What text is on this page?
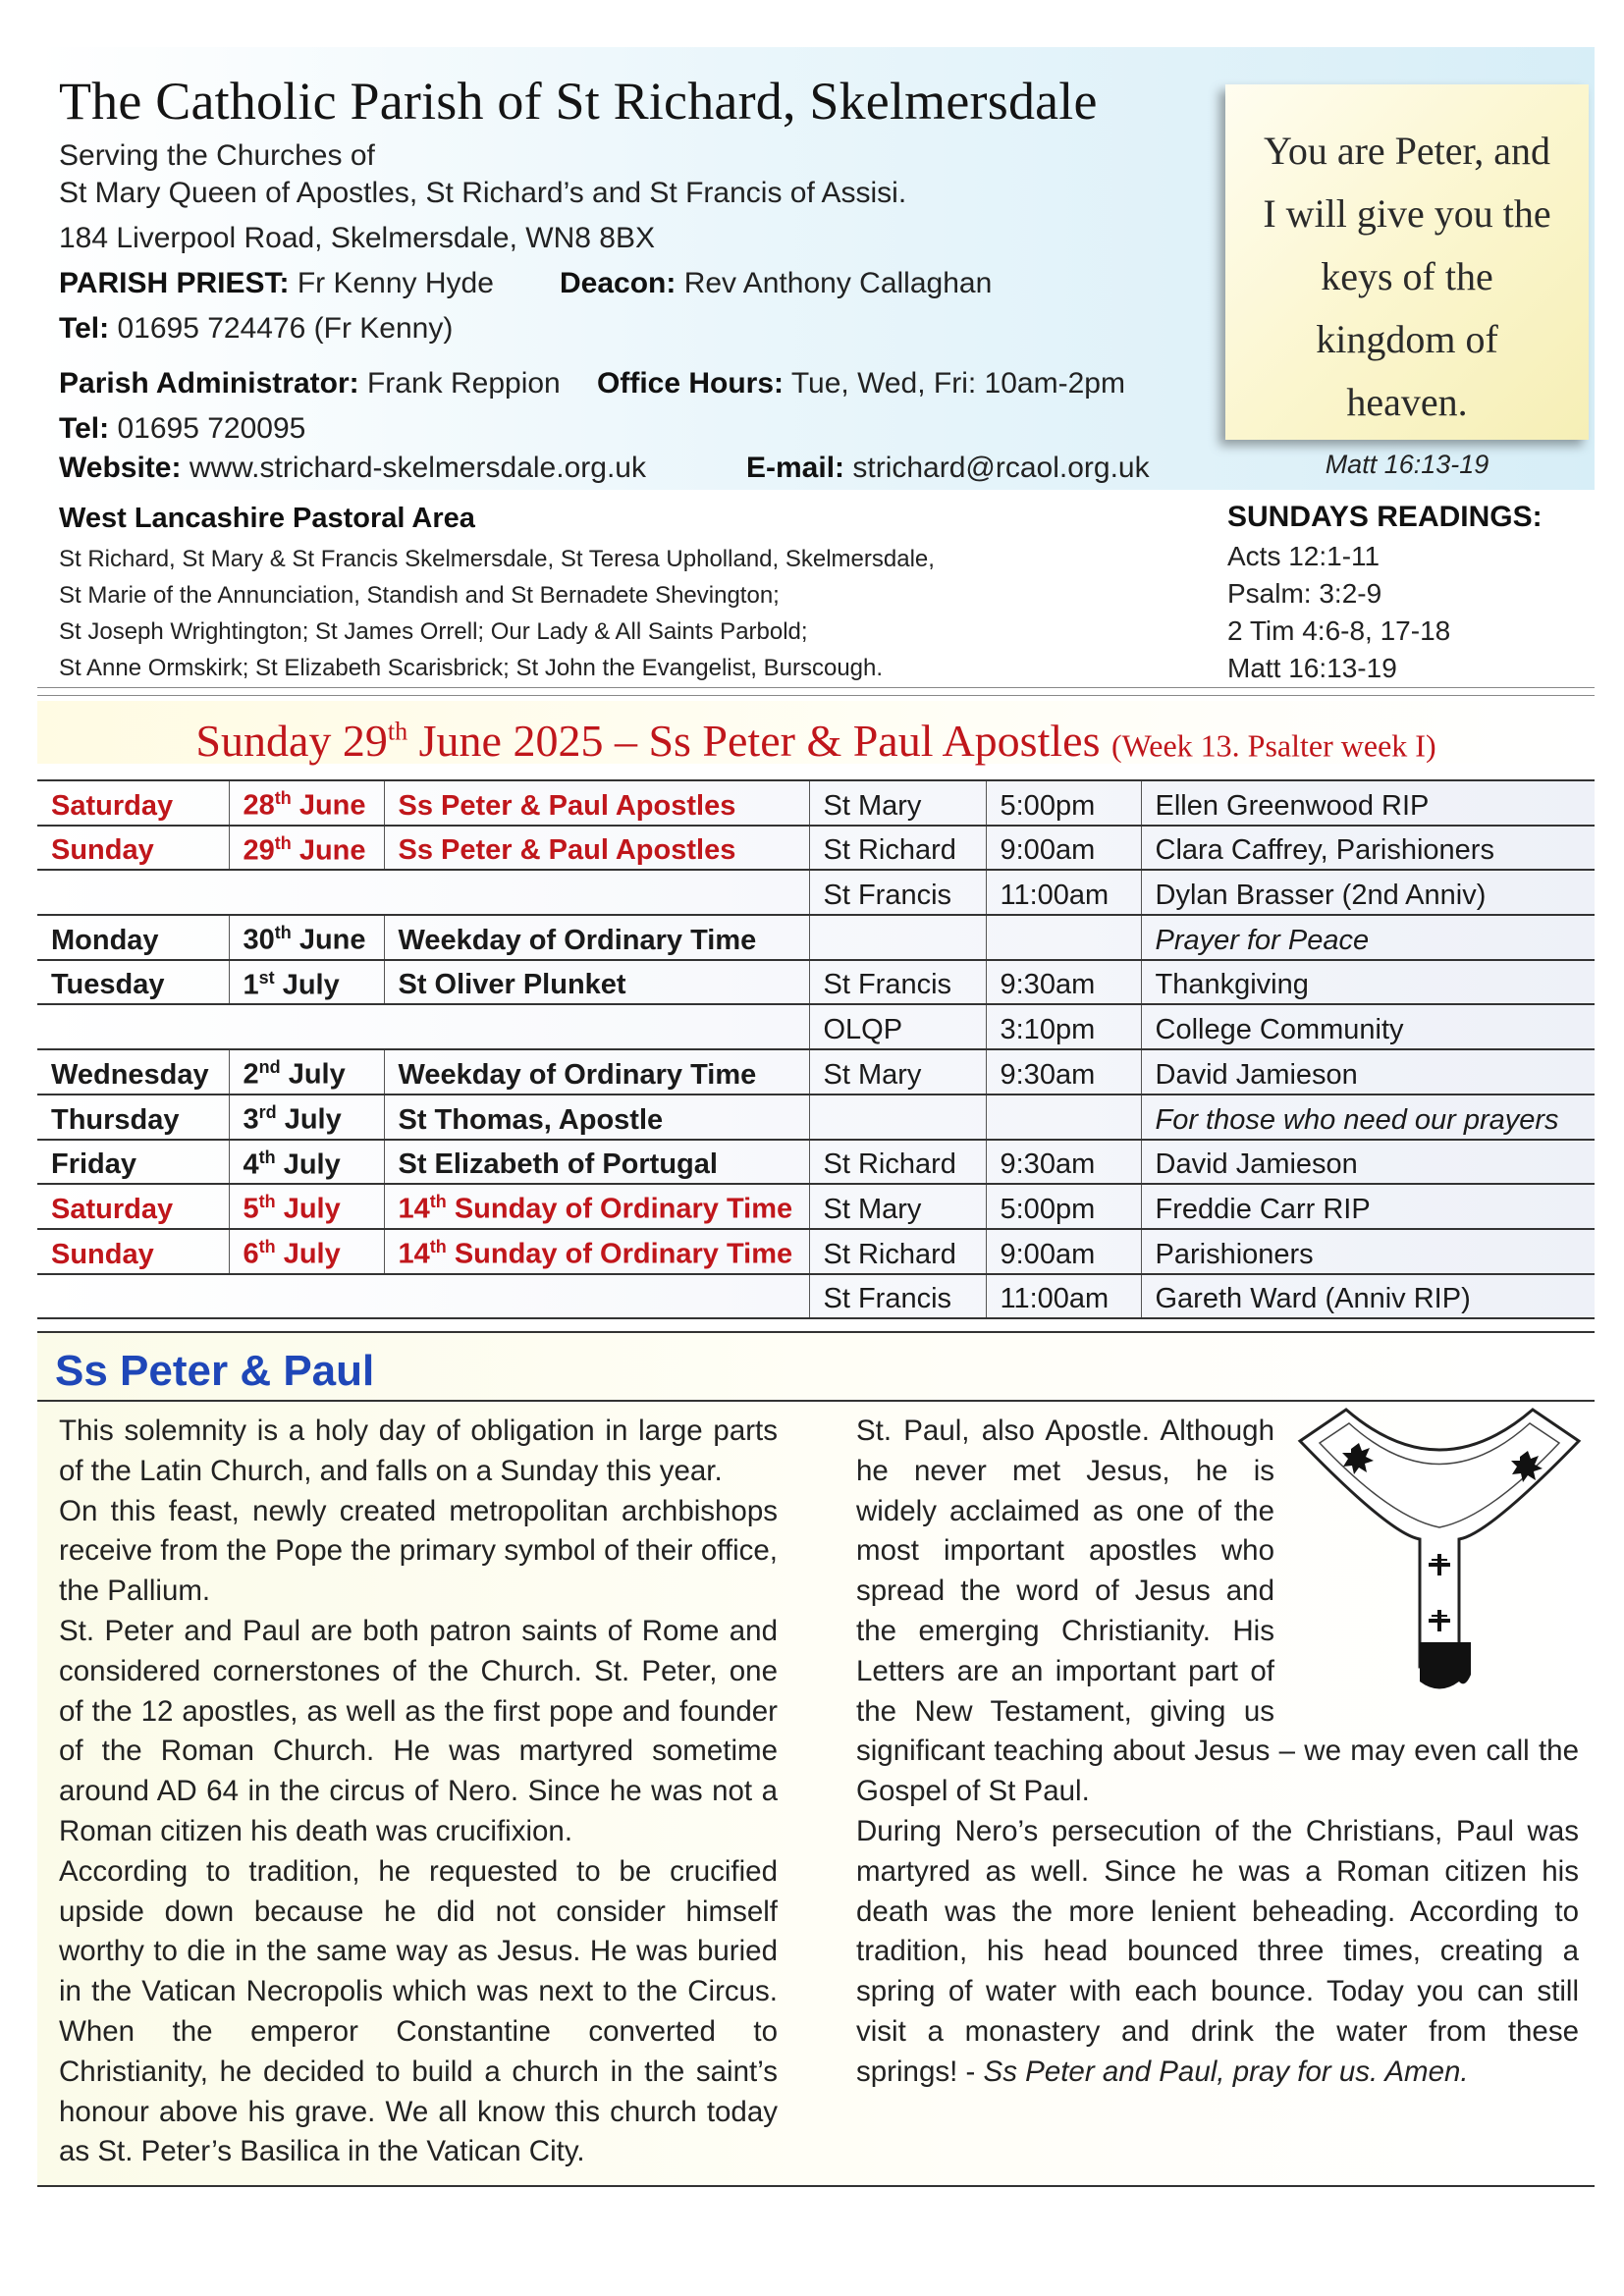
The Catholic Parish of St Richard, Skelmersdale
Serving the Churches of
St Mary Queen of Apostles, St Richard’s and St Francis of Assisi.
184 Liverpool Road, Skelmersdale, WN8 8BX
PARISH PRIEST: Fr Kenny Hyde Deacon: Rev Anthony Callaghan
Tel: 01695 724476 (Fr Kenny)
Parish Administrator: Frank Reppion Office Hours: Tue, Wed, Fri: 10am-2pm
Tel: 01695 720095
Website: www.strichard-skelmersdale.org.uk	E-mail: strichard@rcaol.org.uk
You are Peter, and
I will give you the
keys of the
kingdom of
heaven.
Matt 16:13-19
West Lancashire Pastoral Area
St Richard, St Mary & St Francis Skelmersdale, St Teresa Upholland, Skelmersdale,
St Marie of the Annunciation, Standish and St Bernadete Shevington;
St Joseph Wrightington; St James Orrell; Our Lady & All Saints Parbold;
St Anne Ormskirk; St Elizabeth Scarisbrick; St John the Evangelist, Burscough.
SUNDAYS READINGS:
Acts 12:1-11
Psalm: 3:2-9
2 Tim 4:6-8, 17-18
Matt 16:13-19
Sunday 29th June 2025 – Ss Peter & Paul Apostles (Week 13. Psalter week I)
Saturday	28th June	Ss Peter & Paul Apostles	St Mary	5:00pm	Ellen Greenwood RIP
Sunday	29th June	Ss Peter & Paul Apostles	St Richard	9:00am	Clara Caffrey, Parishioners
			St Francis	11:00am	Dylan Brasser (2nd Anniv)
Monday	30th June	Weekday of Ordinary Time			Prayer for Peace
Tuesday	1st July	St Oliver Plunket	St Francis	9:30am	Thankgiving
			OLQP	3:10pm	College Community
Wednesday	2nd July	Weekday of Ordinary Time	St Mary	9:30am	David Jamieson
Thursday	3rd July	St Thomas, Apostle			For those who need our prayers
Friday	4th July	St Elizabeth of Portugal	St Richard	9:30am	David Jamieson
Saturday	5th July	14th Sunday of Ordinary Time	St Mary	5:00pm	Freddie Carr RIP
Sunday	6th July	14th Sunday of Ordinary Time	St Richard	9:00am	Parishioners
			St Francis	11:00am	Gareth Ward (Anniv RIP)
Ss Peter & Paul

This solemnity is a holy day of obligation in large parts of the Latin Church, and falls on a Sunday this year.

On this feast, newly created metropolitan archbishops receive from the Pope the primary symbol of their office, the Pallium.

St. Peter and Paul are both patron saints of Rome and considered cornerstones of the Church. St. Peter, one of the 12 apostles, as well as the first pope and founder of the Roman Church. He was martyred sometime around AD 64 in the circus of Nero. Since he was not a Roman citizen his death was crucifixion.

According to tradition, he requested to be crucified upside down because he did not consider himself worthy to die in the same way as Jesus. He was buried in the Vatican Necropolis which was next to the Circus. When the emperor Constantine converted to Christianity, he decided to build a church in the saint’s honour above his grave. We all know this church today as St. Peter’s Basilica in the Vatican City.

St. Paul, also Apostle. Although he never met Jesus, he is widely acclaimed as one of the most important apostles who spread the word of Jesus and the emerging Christianity. His Letters are an important part of the New Testament, giving us significant teaching about Jesus – we may even call the Gospel of St Paul.

During Nero’s persecution of the Christians, Paul was martyred as well. Since he was a Roman citizen his death was the more lenient beheading. According to tradition, his head bounced three times, creating a spring of water with each bounce. Today you can still visit a monastery and drink the water from these springs! - Ss Peter and Paul, pray for us. Amen.
